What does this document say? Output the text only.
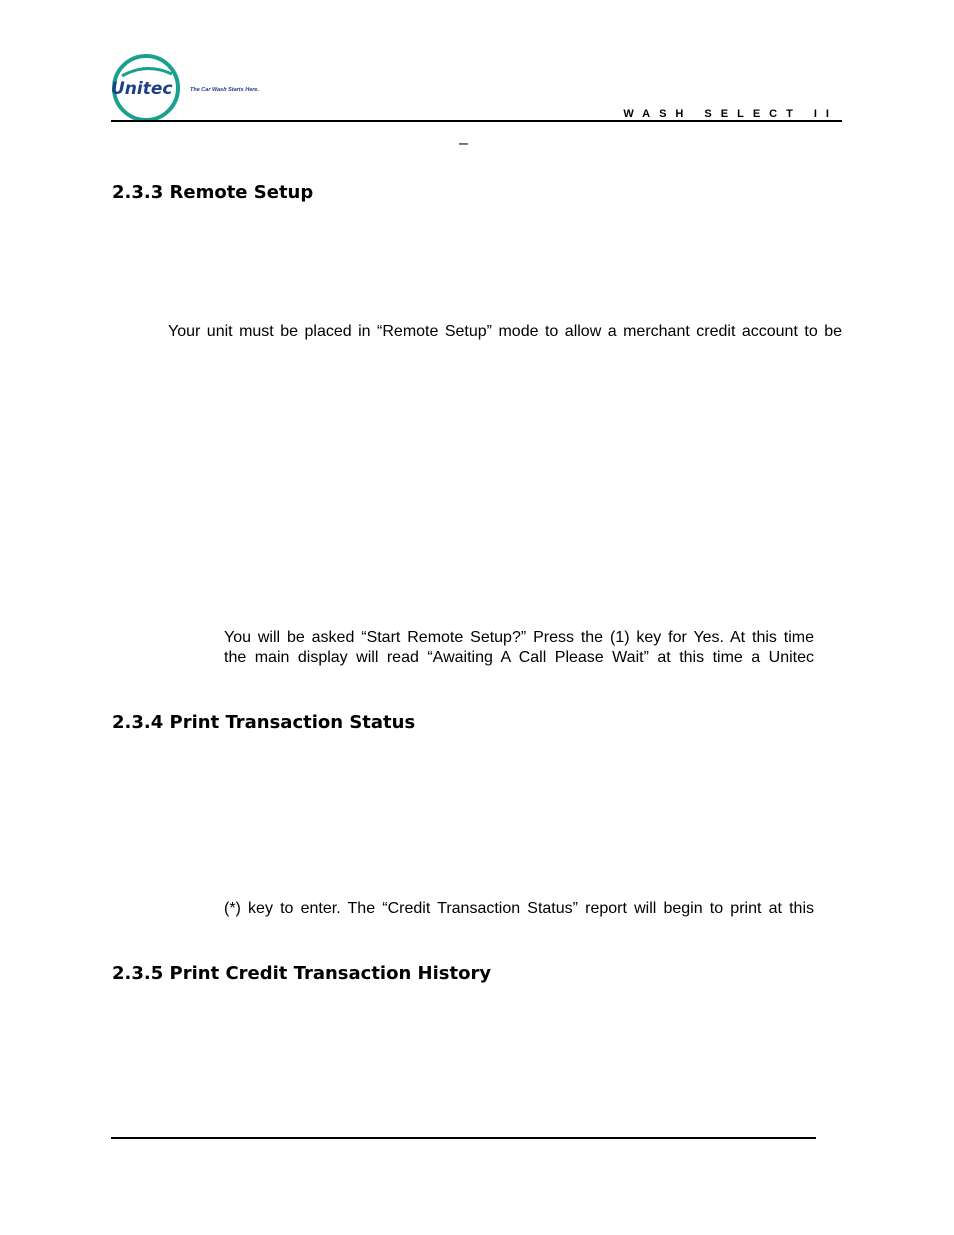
Unitec	The Car Wash Starts Here.
WASH SELECT II
–
2.3.3 Remote Setup
Your unit must be placed in “Remote Setup” mode to allow a merchant credit account to be
You will be asked “Start Remote Setup?” Press the (1) key for Yes. At this time
the main display will read “Awaiting A Call Please Wait” at this time a Unitec
2.3.4 Print Transaction Status
(*) key to enter. The “Credit Transaction Status” report will begin to print at this
2.3.5 Print Credit Transaction History
